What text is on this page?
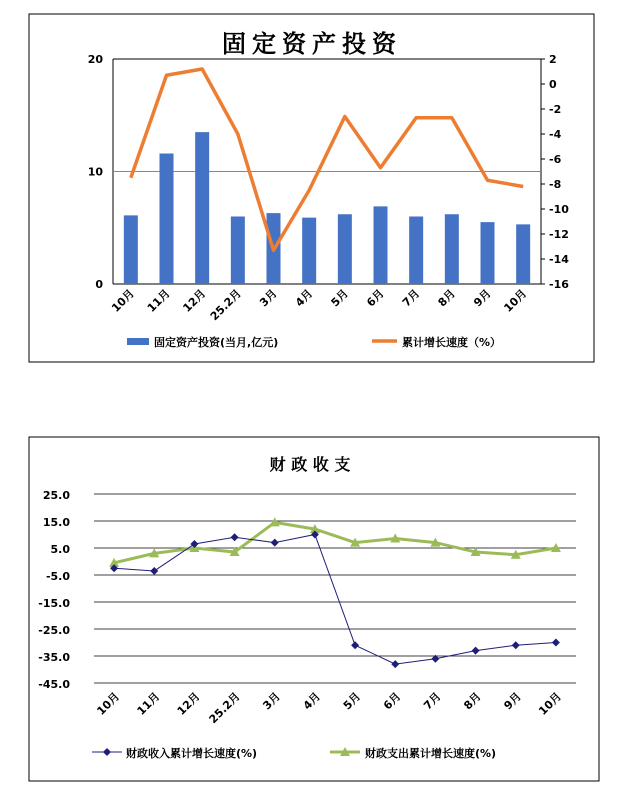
固定资产投资
0
10
20
-16
-14
-12
-10
-8
-6
-4
-2
0
2
10月 11月 12月 25.2月 3月 4月 5月 6月 7月 8月 9月 10月
固定资产投资(当月,亿元)	累计增长速度（%）
财 政 收 支
25.0
15.0
5.0
-5.0
-15.0
-25.0
-35.0
-45.0
10月 11月 12月 25.2月 3月 4月 5月 6月 7月 8月 9月 10月
财政收入累计增长速度(%)	财政支出累计增长速度(%)
